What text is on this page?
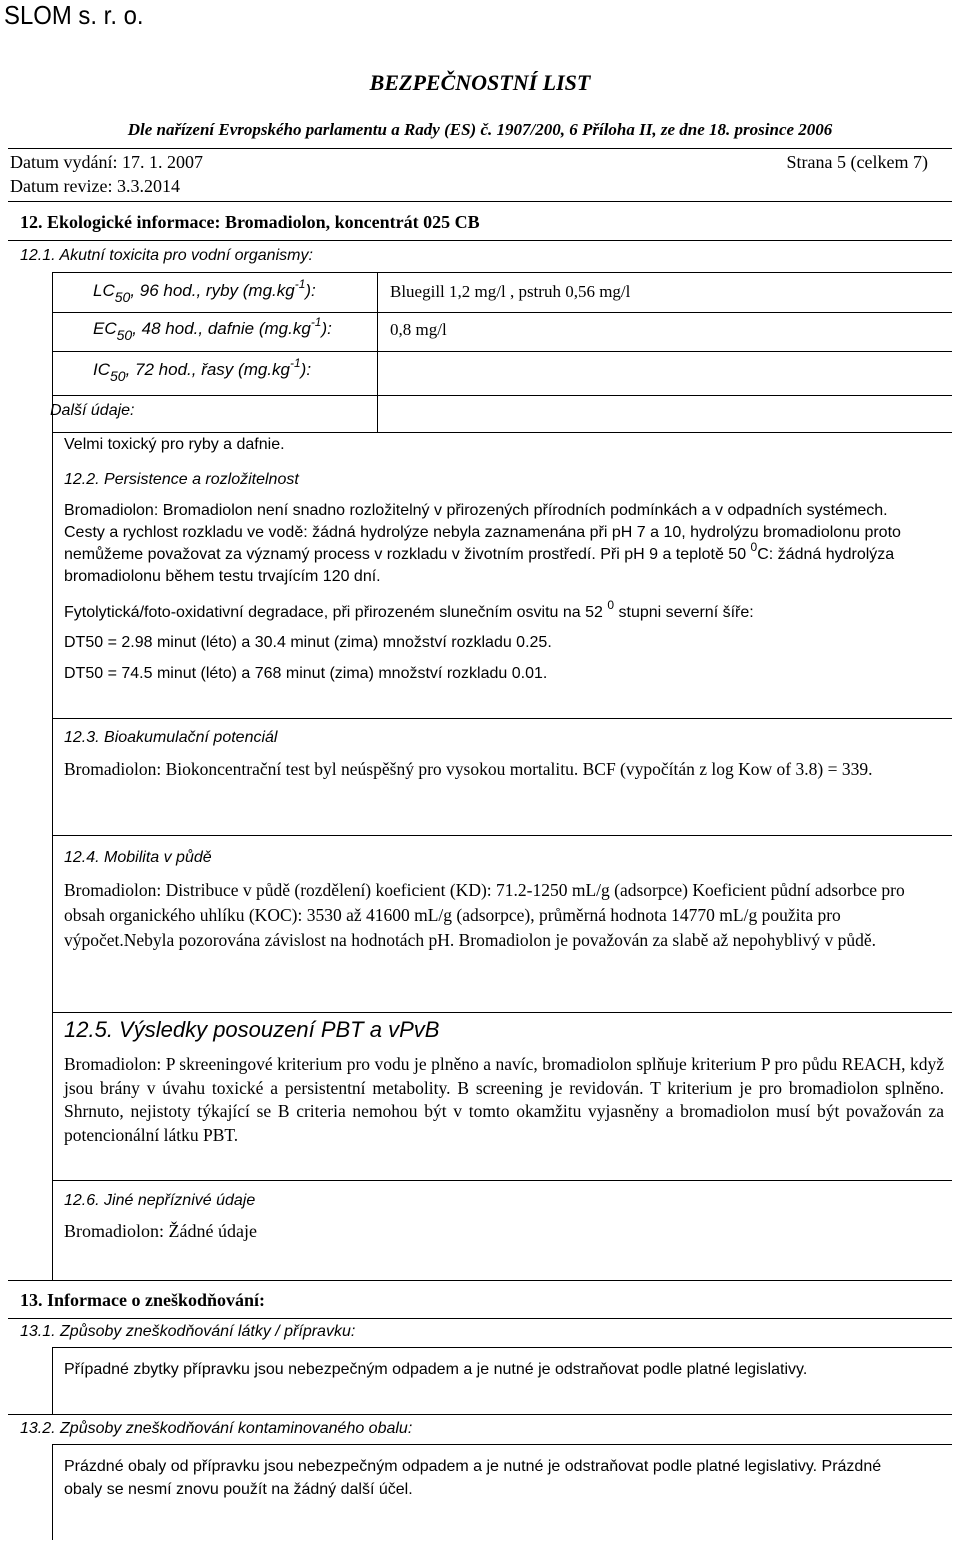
SLOM s. r. o.
BEZPEČNOSTNÍ LIST
Dle nařízení Evropského parlamentu a Rady (ES) č. 1907/200, 6 Příloha II, ze dne 18. prosince 2006
Datum vydání: 17. 1. 2007	Strana 5 (celkem 7)
Datum revize: 3.3.2014
12. Ekologické informace: Bromadiolon, koncentrát 025 CB
12.1. Akutní toxicita pro vodní organismy:
$LC_{50}$, 96 hod., ryby $(mg.kg^{-1})$:	Bluegill 1,2 mg/l , pstruh 0,56 mg/l
$EC_{50}$, 48 hod., dafnie $(mg.kg^{-1})$:	0,8 mg/l
$IC_{50}$, 72 hod., řasy $(mg.kg^{-1})$:
Další údaje:
Velmi toxický pro ryby a dafnie.
12.2. Persistence a rozložitelnost
Bromadiolon: Bromadiolon není snadno rozložitelný v přirozených přírodních podmínkách a v odpadních systémech. Cesty a rychlost rozkladu ve vodě: žádná hydrolýze nebyla zaznamenána při pH 7 a 10, hydrolýzu bromadiolonu proto nemůžeme považovat za významý process v rozkladu v životním prostředí. Při pH 9 a teplotě 50 $^0$C: žádná hydrolýza bromadiolonu během testu trvajícím 120 dní.
Fytolytická/foto-oxidativní degradace, při přirozeném slunečním osvitu na 52 $^0$ stupni severní šíře:
DT50 = 2.98 minut (léto) a 30.4 minut (zima) množství rozkladu 0.25.
DT50 = 74.5 minut (léto) a 768 minut (zima) množství rozkladu 0.01.
12.3. Bioakumulační potenciál
Bromadiolon: Biokoncentrační test byl neúspěšný pro vysokou mortalitu. BCF (vypočítán z log Kow of 3.8) = 339.
12.4. Mobilita v půdě
Bromadiolon: Distribuce v půdě (rozdělení) koeficient (KD): 71.2-1250 mL/g (adsorpce) Koeficient půdní adsorbce pro obsah organického uhlíku (KOC): 3530 až 41600 mL/g (adsorpce), průměrná hodnota 14770 mL/g použita pro výpočet.Nebyla pozorována závislost na hodnotách pH. Bromadiolon je považován za slabě až nepohyblivý v půdě.
12.5. Výsledky posouzení PBT a vPvB
Bromadiolon: P skreeningové kriterium pro vodu je plněno a navíc, bromadiolon splňuje kriterium P pro půdu REACH, když jsou brány v úvahu toxické a persistentní metabolity. B screening je revidován. T kriterium je pro bromadiolon splněno. Shrnuto, nejistoty týkající se B criteria nemohou být v tomto okamžitu vyjasněny a bromadiolon musí být považován za potencionální látku PBT.
12.6. Jiné nepříznivé údaje
Bromadiolon: Žádné údaje
13. Informace o zneškodňování:
13.1. Způsoby zneškodňování látky / přípravku:
Případné zbytky přípravku jsou nebezpečným odpadem a je nutné je odstraňovat podle platné legislativy.
13.2. Způsoby zneškodňování kontaminovaného obalu:
Prázdné obaly od přípravku jsou nebezpečným odpadem a je nutné je odstraňovat podle platné legislativy. Prázdné obaly se nesmí znovu použít na žádný další účel.
